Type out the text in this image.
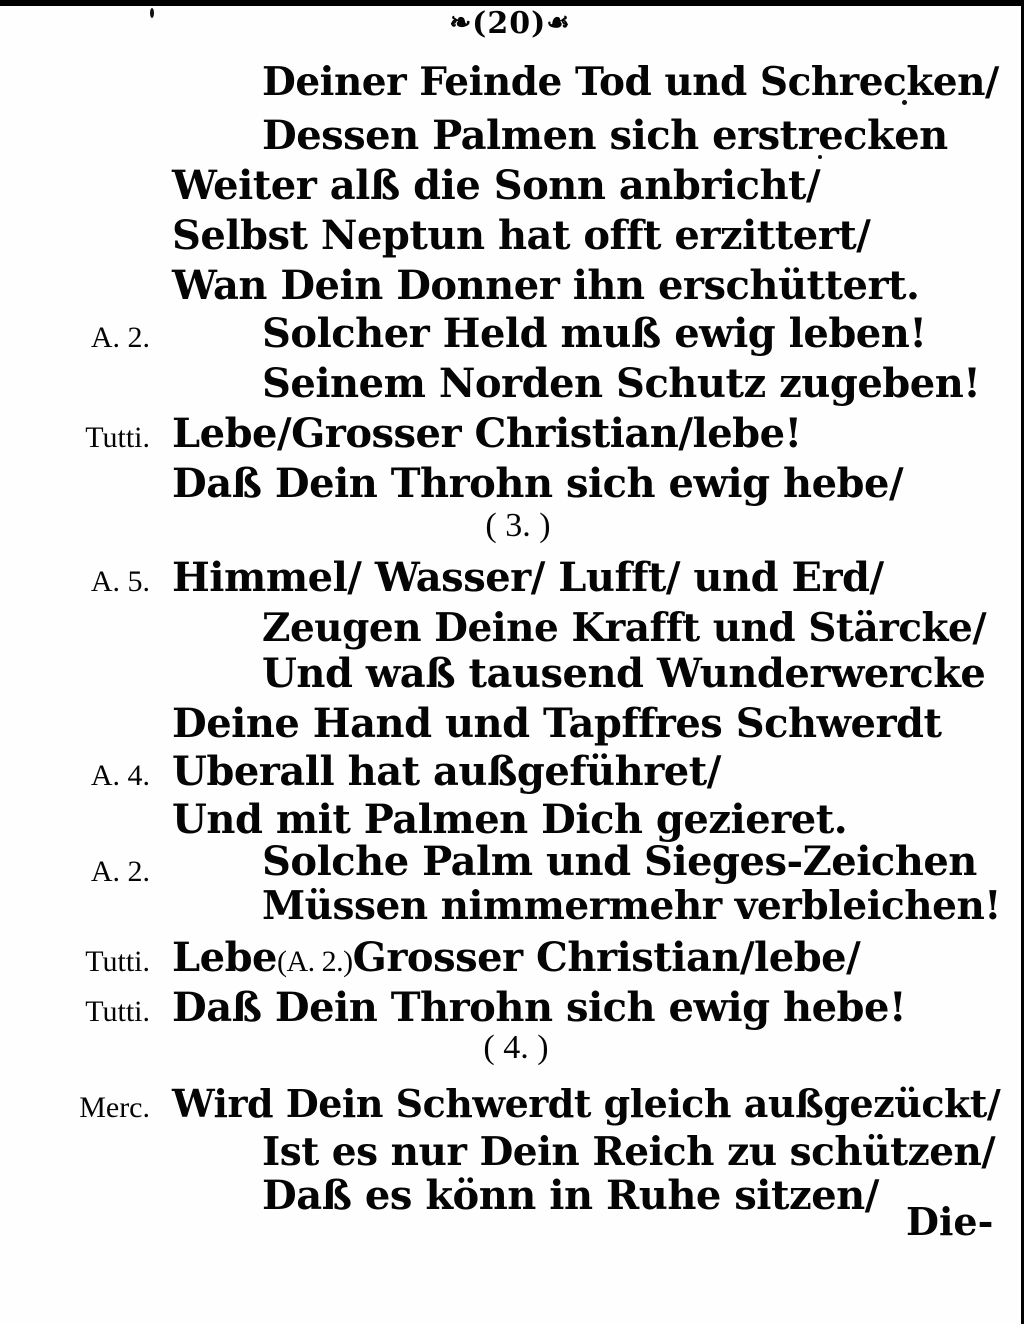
❧(20)☙
Deiner Feinde Tod und Schrecken/
Dessen Palmen sich erstrecken
Weiter alß die Sonn anbricht/
Selbst Neptun hat offt erzittert/
Wan Dein Donner ihn erschüttert.
A. 2.	Solcher Held muß ewig leben!
Seinem Norden Schutz zugeben!
Tutti. Lebe/Grosser Christian/lebe!
Daß Dein Throhn sich ewig hebe/
( 3. )
A. 5. Himmel/ Wasser/ Lufft/ und Erd/
Zeugen Deine Krafft und Stärcke/
Und waß tausend Wunderwercke
Deine Hand und Tapffres Schwerdt
A. 4. Uberall hat außgeführet/
Und mit Palmen Dich gezieret.
A. 2.	Solche Palm und Sieges-Zeichen
Müssen nimmermehr verbleichen!
Tutti. Lebe(A. 2.)Grosser Christian/lebe/
Tutti. Daß Dein Throhn sich ewig hebe!
( 4. )
Merc. Wird Dein Schwerdt gleich außgezückt/
Ist es nur Dein Reich zu schützen/
Daß es könn in Ruhe sitzen/
Die-
